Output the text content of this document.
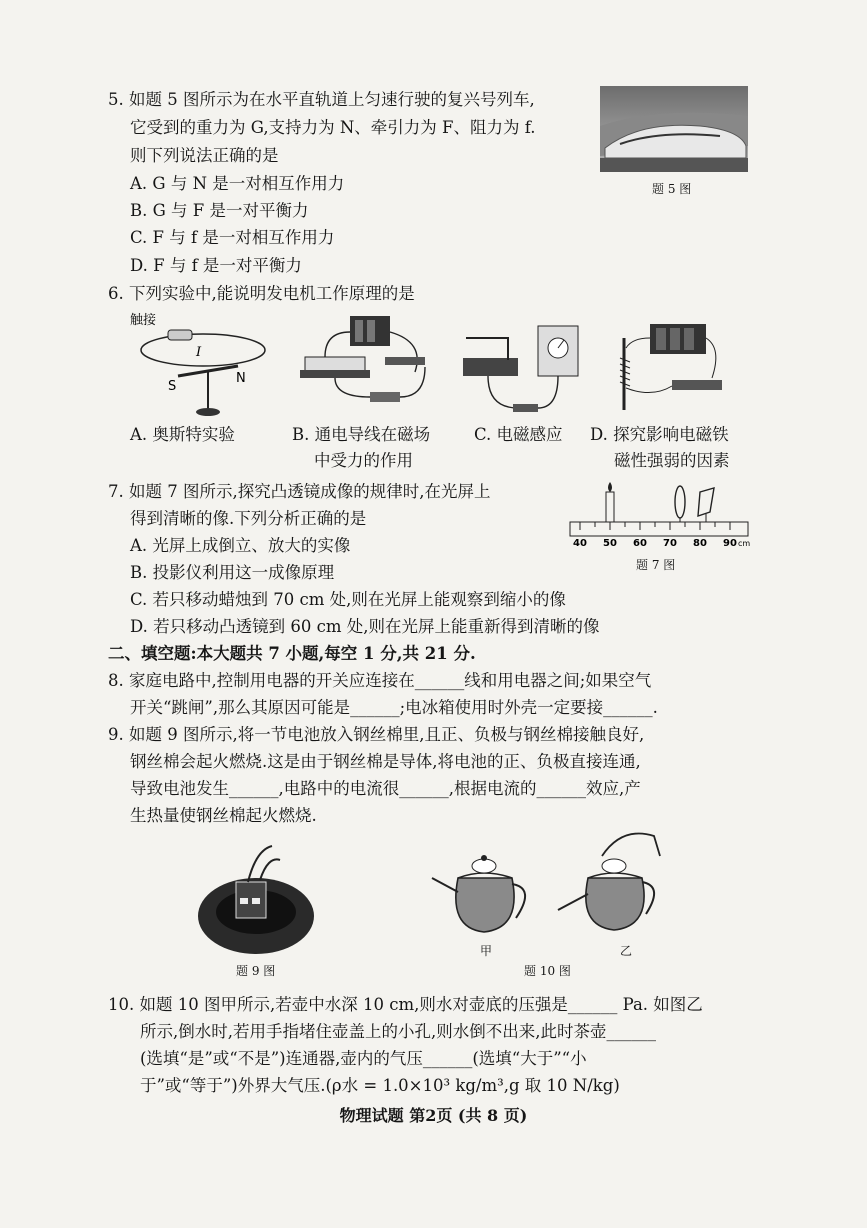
5. 如题 5 图所示为在水平直轨道上匀速行驶的复兴号列车,
它受到的重力为 G,支持力为 N、牵引力为 F、阻力为 f.
则下列说法正确的是
A. G 与 N 是一对相互作用力
B. G 与 F 是一对平衡力
C. F 与 f 是一对相互作用力
D. F 与 f 是一对平衡力
题 5 图
6. 下列实验中,能说明发电机工作原理的是
触接
I
S
N
A. 奥斯特实验	B. 通电导线在磁场
中受力的作用
C. 电磁感应 D. 探究影响电磁铁
磁性强弱的因素
7. 如题 7 图所示,探究凸透镜成像的规律时,在光屏上
得到清晰的像.下列分析正确的是
A. 光屏上成倒立、放大的实像
B. 投影仪利用这一成像原理
C. 若只移动蜡烛到 70 cm 处,则在光屏上能观察到缩小的像
D. 若只移动凸透镜到 60 cm 处,则在光屏上能重新得到清晰的像
40 50 60 70 80 90 cm
题 7 图
二、填空题:本大题共 7 小题,每空 1 分,共 21 分.
8. 家庭电路中,控制用电器的开关应连接在______线和用电器之间;如果空气
开关“跳闸”,那么其原因可能是______;电冰箱使用时外壳一定要接______.
9. 如题 9 图所示,将一节电池放入钢丝棉里,且正、负极与钢丝棉接触良好,
钢丝棉会起火燃烧.这是由于钢丝棉是导体,将电池的正、负极直接连通,
导致电池发生______,电路中的电流很______,根据电流的______效应,产
生热量使钢丝棉起火燃烧.
题 9 图
甲	乙
题 10 图
10. 如题 10 图甲所示,若壶中水深 10 cm,则水对壶底的压强是______ Pa. 如图乙
所示,倒水时,若用手指堵住壶盖上的小孔,则水倒不出来,此时茶壶______
(选填“是”或“不是”)连通器,壶内的气压______(选填“大于”“小
于”或“等于”)外界大气压.(ρ水 = 1.0×10³ kg/m³,g 取 10 N/kg)
物理试题 第2页 (共 8 页)
